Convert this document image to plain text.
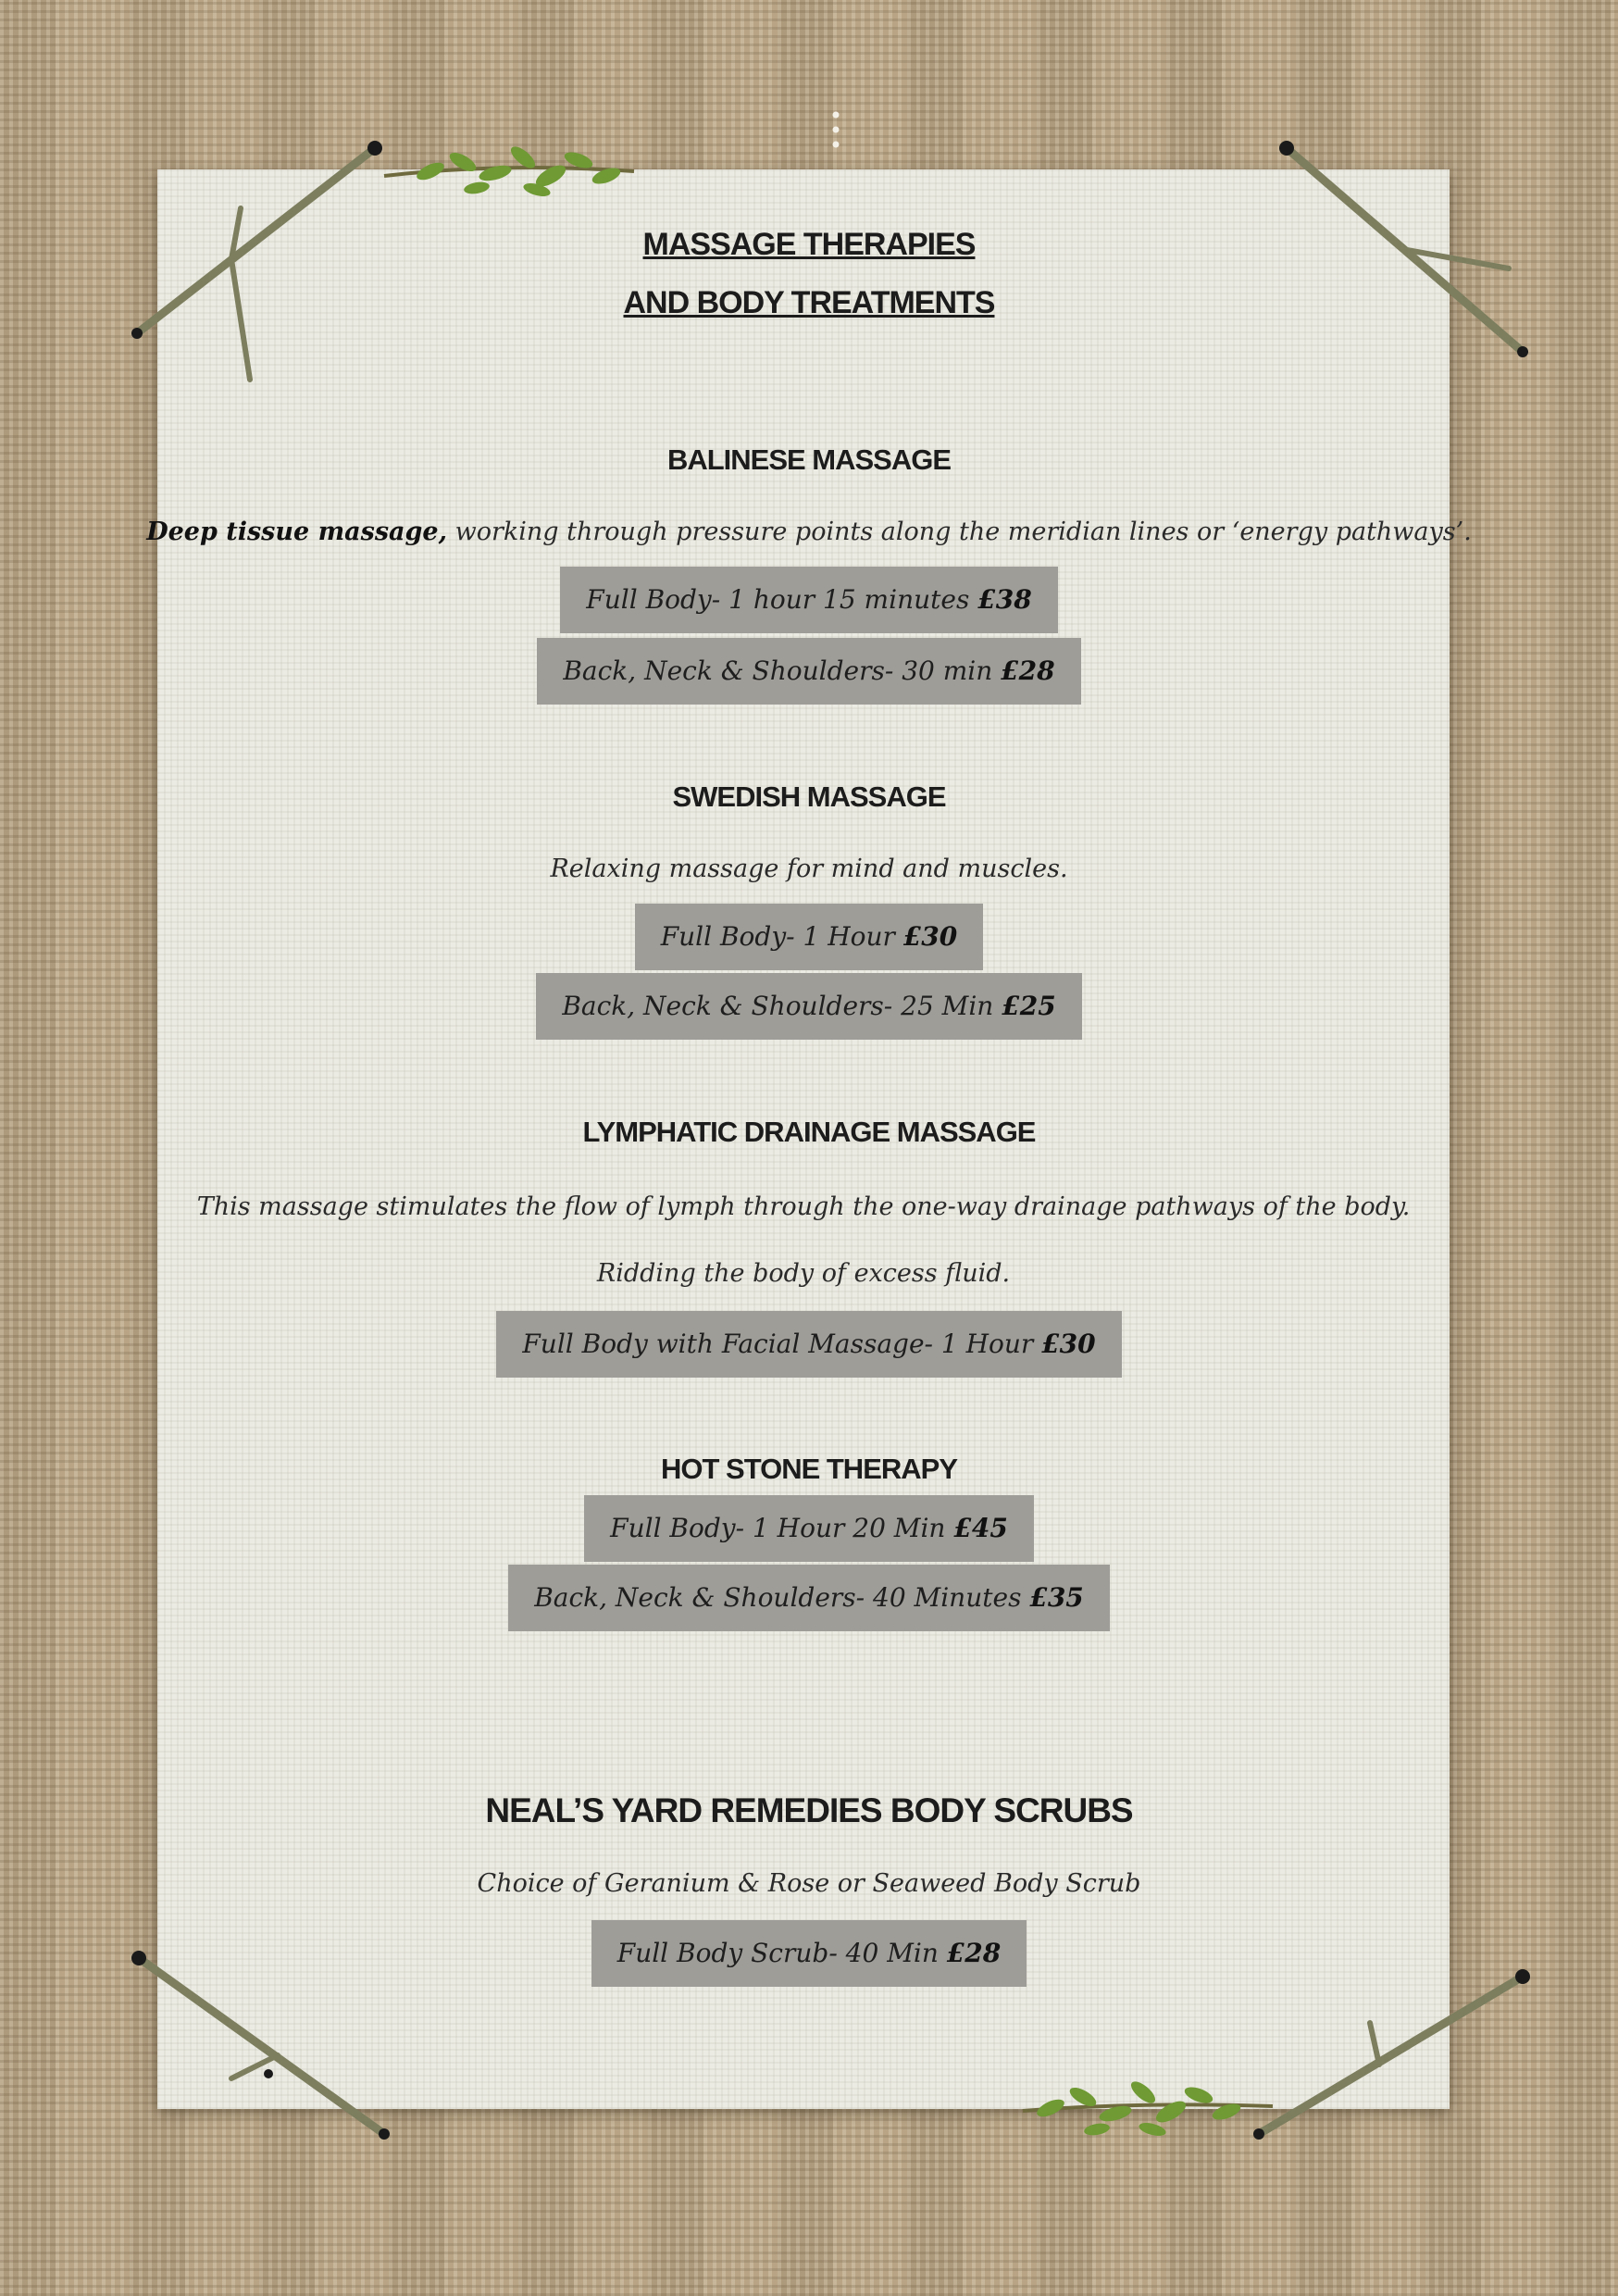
MASSAGE THERAPIES
AND BODY TREATMENTS
BALINESE MASSAGE
Deep tissue massage, working through pressure points along the meridian lines or ‘energy pathways’.
Full Body- 1 hour 15 minutes £38
Back, Neck & Shoulders- 30 min £28
SWEDISH MASSAGE
Relaxing massage for mind and muscles.
Full Body- 1 Hour £30
Back, Neck & Shoulders- 25 Min £25
LYMPHATIC DRAINAGE MASSAGE
This massage stimulates the flow of lymph through the one-way drainage pathways of the body. Ridding the body of excess fluid.
Full Body with Facial Massage- 1 Hour £30
HOT STONE THERAPY
Full Body- 1 Hour 20 Min £45
Back, Neck & Shoulders- 40 Minutes £35
NEAL’S YARD REMEDIES BODY SCRUBS
Choice of Geranium & Rose or Seaweed Body Scrub
Full Body Scrub- 40 Min £28
